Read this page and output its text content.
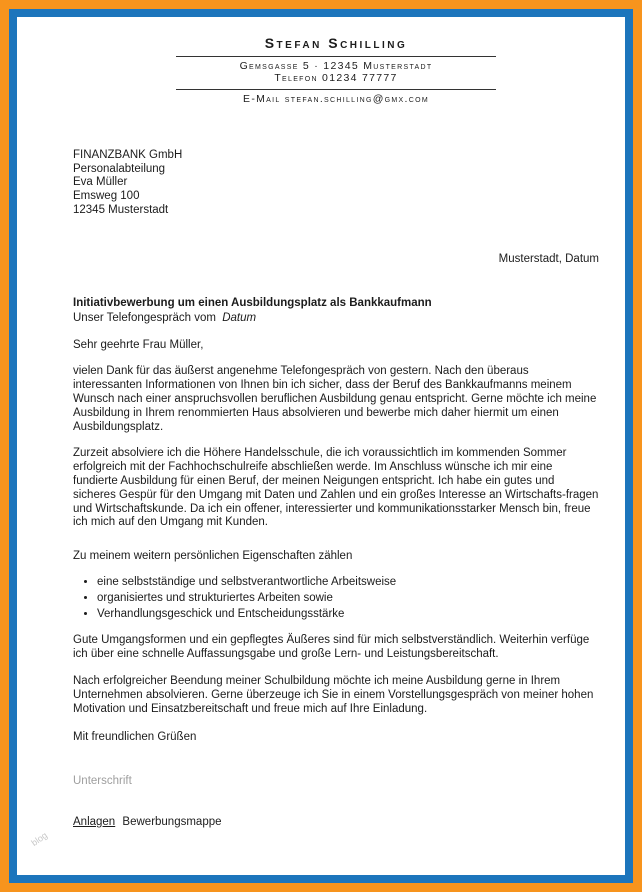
Stefan Schilling
Gemsgasse 5 · 12345 Musterstadt
Telefon 01234 77777
E-Mail stefan.schilling@gmx.com
FINANZBANK GmbH
Personalabteilung
Eva Müller
Emsweg 100
12345 Musterstadt
Musterstadt, Datum
Initiativbewerbung um einen Ausbildungsplatz als Bankkaufmann
Unser Telefongespräch vom Datum

Sehr geehrte Frau Müller,

vielen Dank für das äußerst angenehme Telefongespräch von gestern. Nach den überaus interessanten Informationen von Ihnen bin ich sicher, dass der Beruf des Bankkaufmanns meinem Wunsch nach einer anspruchsvollen beruflichen Ausbildung genau entspricht. Gerne möchte ich meine Ausbildung in Ihrem renommierten Haus absolvieren und bewerbe mich daher hiermit um einen Ausbildungsplatz.

Zurzeit absolviere ich die Höhere Handelsschule, die ich voraussichtlich im kommenden Sommer erfolgreich mit der Fachhochschulreife abschließen werde. Im Anschluss wünsche ich mir eine fundierte Ausbildung für einen Beruf, der meinen Neigungen entspricht. Ich habe ein gutes und sicheres Gespür für den Umgang mit Daten und Zahlen und ein großes Interesse an Wirtschafts-fragen und Wirtschaftskunde. Da ich ein offener, interessierter und kommunikationsstarker Mensch bin, freue ich mich auf den Umgang mit Kunden.

Zu meinem weitern persönlichen Eigenschaften zählen

• eine selbstständige und selbstverantwortliche Arbeitsweise
• organisiertes und strukturiertes Arbeiten sowie
• Verhandlungsgeschick und Entscheidungsstärke

Gute Umgangsformen und ein gepflegtes Äußeres sind für mich selbstverständlich. Weiterhin verfüge ich über eine schnelle Auffassungsgabe und große Lern- und Leistungsbereitschaft.

Nach erfolgreicher Beendung meiner Schulbildung möchte ich meine Ausbildung gerne in Ihrem Unternehmen absolvieren. Gerne überzeuge ich Sie in einem Vorstellungsgespräch von meiner hohen Motivation und Einsatzbereitschaft und freue mich auf Ihre Einladung.

Mit freundlichen Grüßen

Unterschrift
Anlagen Bewerbungsmappe
blog
